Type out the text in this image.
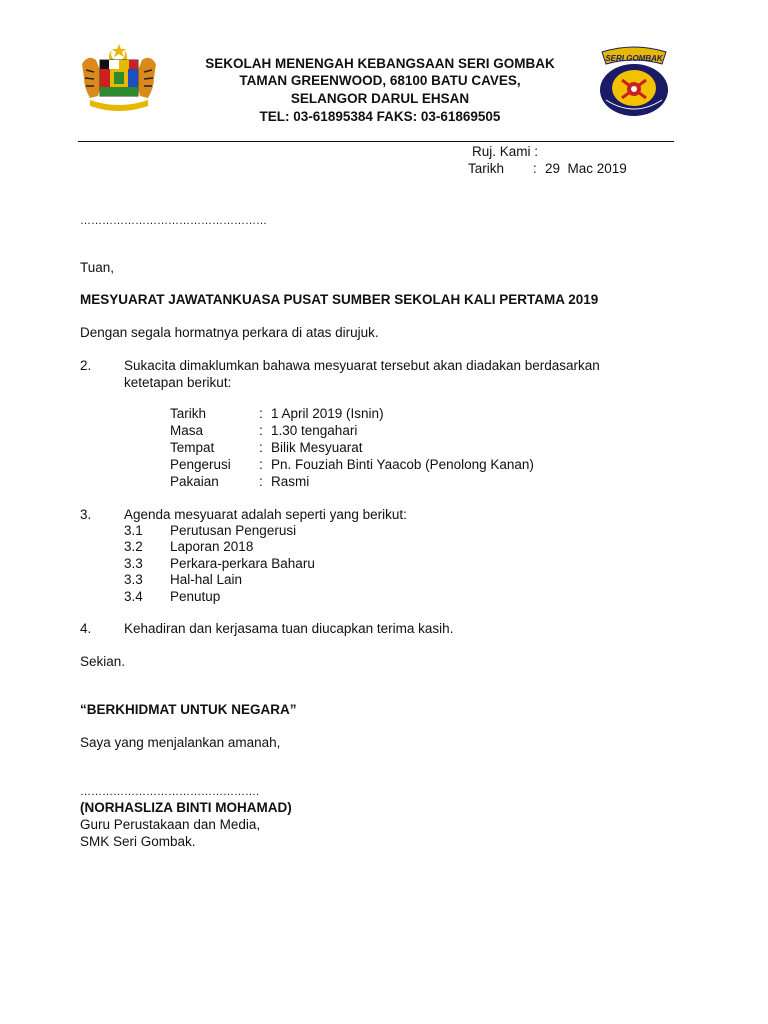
SERI GOMBAK
SEKOLAH MENENGAH KEBANGSAAN SERI GOMBAK
TAMAN GREENWOOD, 68100 BATU CAVES,
SELANGOR DARUL EHSAN
TEL: 03-61895384 FAKS: 03-61869505
Ruj. Kami :
Tarikh : 29  Mac 2019
……………………………………………
Tuan,
MESYUARAT JAWATANKUASA PUSAT SUMBER SEKOLAH KALI PERTAMA 2019
Dengan segala hormatnya perkara di atas dirujuk.
2. Sukacita dimaklumkan bahawa mesyuarat tersebut akan diadakan berdasarkan
ketetapan berikut:
Tarikh	: 1 April 2019 (Isnin)
Masa	: 1.30 tengahari
Tempat	: Bilik Mesyuarat
Pengerusi : Pn. Fouziah Binti Yaacob (Penolong Kanan)
Pakaian	: Rasmi
3. Agenda mesyuarat adalah seperti yang berikut:
3.1 Perutusan Pengerusi
3.2 Laporan 2018
3.3 Perkara-perkara Baharu
3.3 Hal-hal Lain
3.4 Penutup
4. Kehadiran dan kerjasama tuan diucapkan terima kasih.
Sekian.
“BERKHIDMAT UNTUK NEGARA”
Saya yang menjalankan amanah,
………………………………………….
(NORHASLIZA BINTI MOHAMAD)
Guru Perustakaan dan Media,
SMK Seri Gombak.
